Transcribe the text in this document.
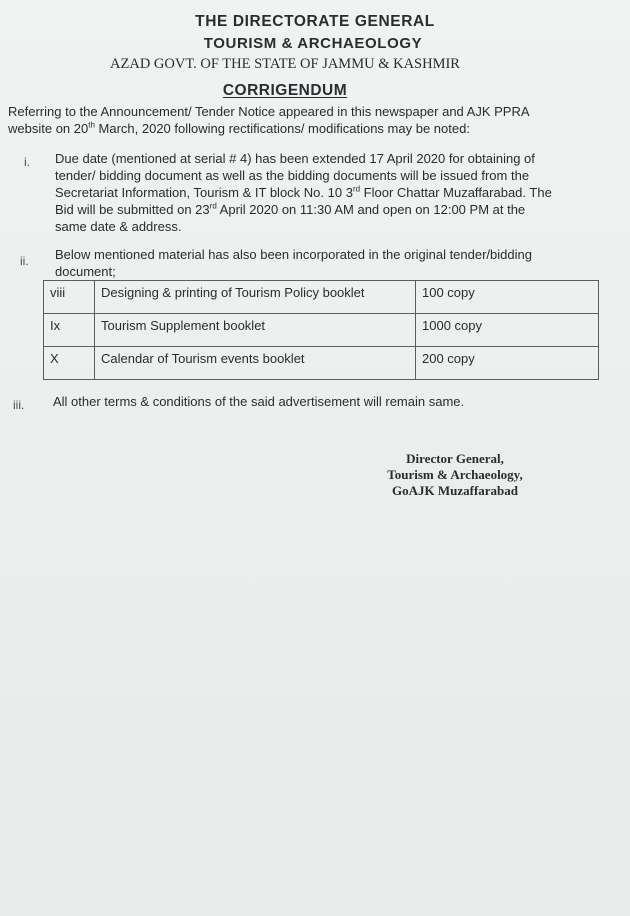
THE DIRECTORATE GENERAL
TOURISM & ARCHAEOLOGY
AZAD GOVT. OF THE STATE OF JAMMU & KASHMIR
CORRIGENDUM
Referring to the Announcement/ Tender Notice appeared in this newspaper and AJK PPRA
website on 20th March, 2020 following rectifications/ modifications may be noted:
i. Due date (mentioned at serial # 4) has been extended 17 April 2020 for obtaining of
tender/ bidding document as well as the bidding documents will be issued from the
Secretariat Information, Tourism & IT block No. 10 3rd Floor Chattar Muzaffarabad. The
Bid will be submitted on 23rd April 2020 on 11:30 AM and open on 12:00 PM at the
same date & address.
ii. Below mentioned material has also been incorporated in the original tender/bidding
document;
viii	Designing & printing of Tourism Policy booklet	100 copy
Ix	Tourism Supplement booklet	1000 copy
X	Calendar of Tourism events booklet	200 copy
iii. All other terms & conditions of the said advertisement will remain same.
Director General,
Tourism & Archaeology,
GoAJK Muzaffarabad
